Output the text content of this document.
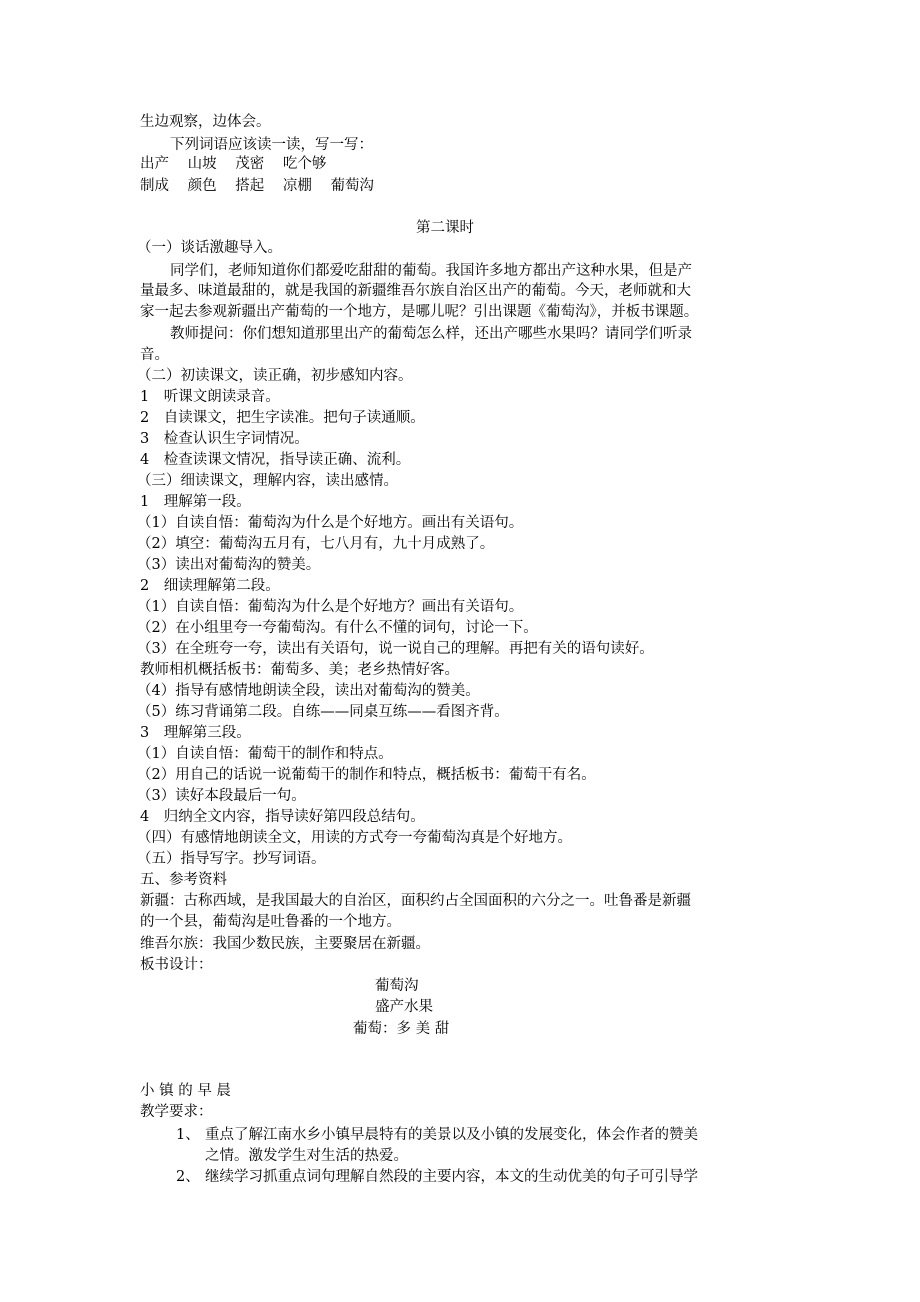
生边观察，边体会。
下列词语应该读一读，写一写：
出产 山坡 茂密 吃个够
制成 颜色 搭起 凉棚 葡萄沟
第二课时
（一）谈话激趣导入。
同学们，老师知道你们都爱吃甜甜的葡萄。我国许多地方都出产这种水果，但是产
量最多、味道最甜的，就是我国的新疆维吾尔族自治区出产的葡萄。今天，老师就和大
家一起去参观新疆出产葡萄的一个地方，是哪儿呢？引出课题《葡萄沟》，并板书课题。
教师提问：你们想知道那里出产的葡萄怎么样，还出产哪些水果吗？请同学们听录
音。
（二）初读课文，读正确，初步感知内容。
1　听课文朗读录音。
2　自读课文，把生字读准。把句子读通顺。
3　检查认识生字词情况。
4　检查读课文情况，指导读正确、流利。
（三）细读课文，理解内容，读出感情。
1　理解第一段。
（1）自读自悟：葡萄沟为什么是个好地方。画出有关语句。
（2）填空：葡萄沟五月有，七八月有，九十月成熟了。
（3）读出对葡萄沟的赞美。
2　细读理解第二段。
（1）自读自悟：葡萄沟为什么是个好地方？画出有关语句。
（2）在小组里夸一夸葡萄沟。有什么不懂的词句，讨论一下。
（3）在全班夸一夸，读出有关语句，说一说自己的理解。再把有关的语句读好。
教师相机概括板书：葡萄多、美；老乡热情好客。
（4）指导有感情地朗读全段，读出对葡萄沟的赞美。
（5）练习背诵第二段。自练——同桌互练——看图齐背。
3　理解第三段。
（1）自读自悟：葡萄干的制作和特点。
（2）用自己的话说一说葡萄干的制作和特点，概括板书：葡萄干有名。
（3）读好本段最后一句。
4　归纳全文内容，指导读好第四段总结句。
（四）有感情地朗读全文，用读的方式夸一夸葡萄沟真是个好地方。
（五）指导写字。抄写词语。
五、参考资料
新疆：古称西域，是我国最大的自治区，面积约占全国面积的六分之一。吐鲁番是新疆
的一个县，葡萄沟是吐鲁番的一个地方。
维吾尔族：我国少数民族，主要聚居在新疆。
板书设计：
葡萄沟
盛产水果
葡萄：多 美 甜
小 镇 的 早 晨
教学要求：
1、 重点了解江南水乡小镇早晨特有的美景以及小镇的发展变化，体会作者的赞美
之情。激发学生对生活的热爱。
2、 继续学习抓重点词句理解自然段的主要内容，本文的生动优美的句子可引导学
